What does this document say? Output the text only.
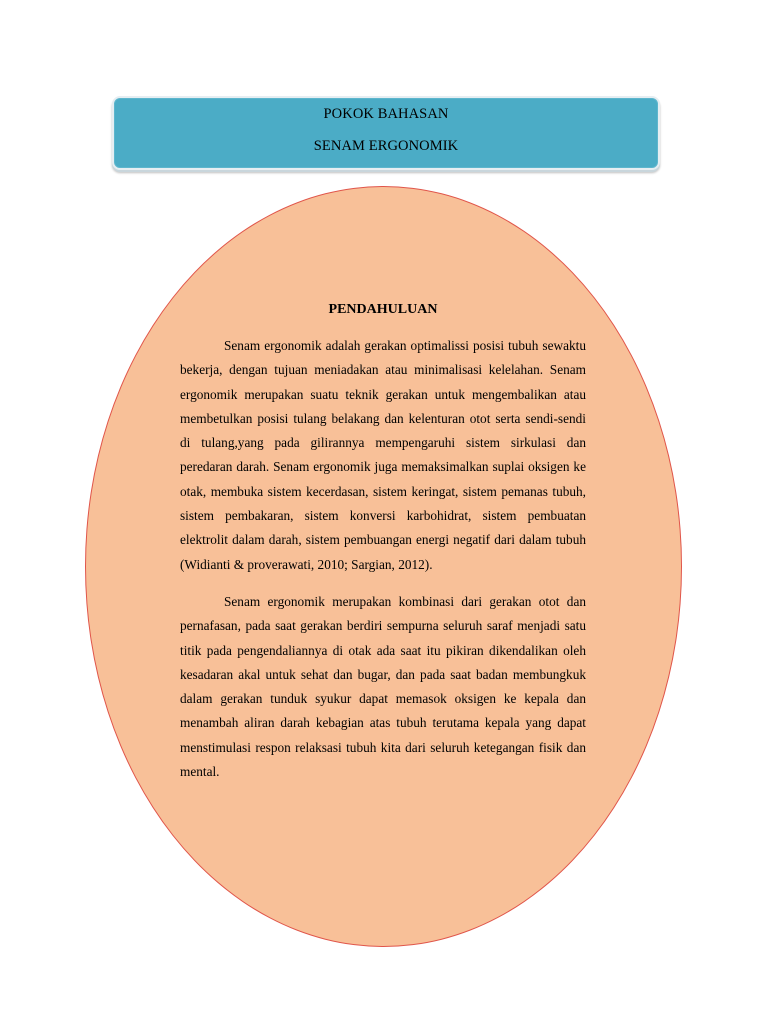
POKOK BAHASAN
SENAM ERGONOMIK
PENDAHULUAN

Senam ergonomik adalah gerakan optimalissi posisi tubuh sewaktu bekerja, dengan tujuan meniadakan atau minimalisasi kelelahan. Senam ergonomik merupakan suatu teknik gerakan untuk mengembalikan atau membetulkan posisi tulang belakang dan kelenturan otot serta sendi-sendi di tulang,yang pada gilirannya mempengaruhi sistem sirkulasi dan peredaran darah. Senam ergonomik juga memaksimalkan suplai oksigen ke otak, membuka sistem kecerdasan, sistem keringat, sistem pemanas tubuh, sistem pembakaran, sistem konversi karbohidrat, sistem pembuatan elektrolit dalam darah, sistem pembuangan energi negatif dari dalam tubuh (Widianti & proverawati, 2010; Sargian, 2012).

Senam ergonomik merupakan kombinasi dari gerakan otot dan pernafasan, pada saat gerakan berdiri sempurna seluruh saraf menjadi satu titik pada pengendaliannya di otak ada saat itu pikiran dikendalikan oleh kesadaran akal untuk sehat dan bugar, dan pada saat badan membungkuk dalam gerakan tunduk syukur dapat memasok oksigen ke kepala dan menambah aliran darah kebagian atas tubuh terutama kepala yang dapat menstimulasi respon relaksasi tubuh kita dari seluruh ketegangan fisik dan mental.
